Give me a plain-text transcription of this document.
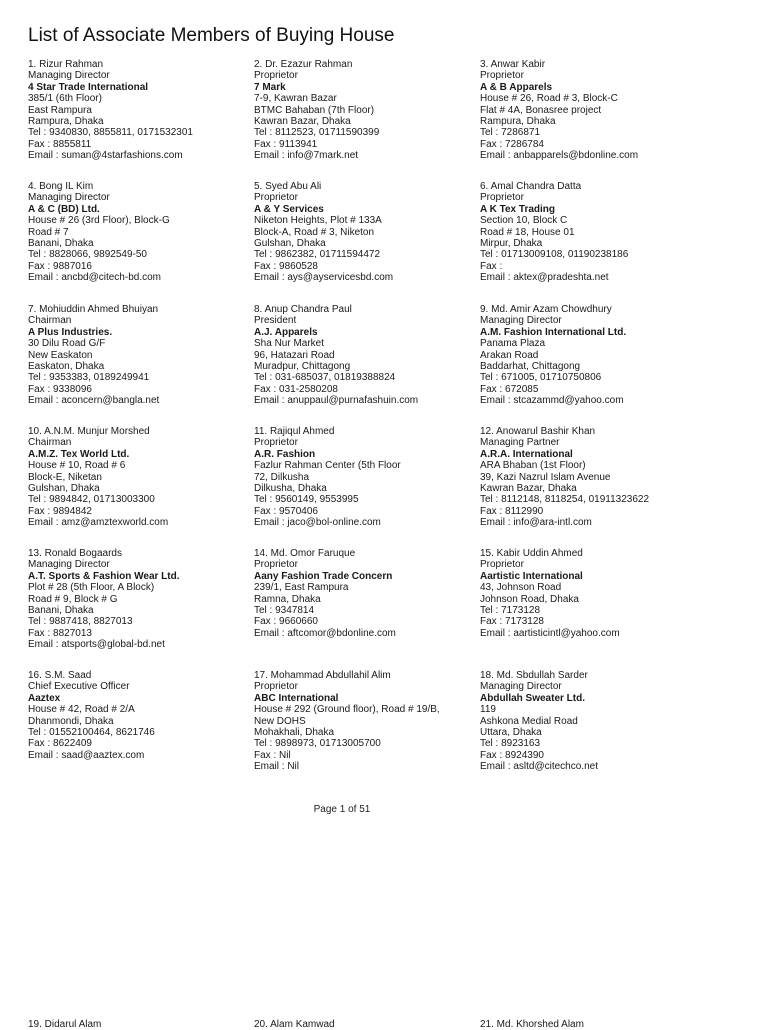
List of Associate Members of Buying House
1. Rizur Rahman
Managing Director
4 Star Trade International
385/1 (6th Floor)
East Rampura
Rampura, Dhaka
Tel : 9340830, 8855811, 0171532301
Fax : 8855811
Email : suman@4starfashions.com
2. Dr. Ezazur Rahman
Proprietor
7 Mark
7-9, Kawran Bazar
BTMC Bahaban (7th Floor)
Kawran Bazar, Dhaka
Tel : 8112523, 01711590399
Fax : 9113941
Email : info@7mark.net
3. Anwar Kabir
Proprietor
A & B Apparels
House # 26, Road # 3, Block-C
Flat # 4A, Bonasree project
Rampura, Dhaka
Tel : 7286871
Fax : 7286784
Email : anbapparels@bdonline.com
4. Bong IL Kim
Managing Director
A & C (BD) Ltd.
House # 26 (3rd Floor), Block-G
Road # 7
Banani, Dhaka
Tel : 8828066, 9892549-50
Fax : 9887016
Email : ancbd@citech-bd.com
5. Syed Abu Ali
Proprietor
A & Y Services
Niketon Heights, Plot # 133A
Block-A, Road # 3, Niketon
Gulshan, Dhaka
Tel : 9862382, 01711594472
Fax : 9860528
Email : ays@ayservicesbd.com
6. Amal Chandra Datta
Proprietor
A K Tex Trading
Section 10, Block C
Road # 18, House 01
Mirpur, Dhaka
Tel : 01713009108, 01190238186
Fax :
Email : aktex@pradeshta.net
7. Mohiuddin Ahmed Bhuiyan
Chairman
A Plus Industries.
30 Dilu Road G/F
New Easkaton
Easkaton, Dhaka
Tel : 9353383, 0189249941
Fax : 9338096
Email : aconcern@bangla.net
8. Anup Chandra Paul
President
A.J. Apparels
Sha Nur Market
96, Hatazari Road
Muradpur, Chittagong
Tel : 031-685037, 01819388824
Fax : 031-2580208
Email : anuppaul@purnafashuin.com
9. Md. Amir Azam Chowdhury
Managing Director
A.M. Fashion International Ltd.
Panama Plaza
Arakan Road
Baddarhat, Chittagong
Tel : 671005, 01710750806
Fax : 672085
Email : stcazammd@yahoo.com
10. A.N.M. Munjur Morshed
Chairman
A.M.Z. Tex World Ltd.
House # 10, Road # 6
Block-E, Niketan
Gulshan, Dhaka
Tel : 9894842, 01713003300
Fax : 9894842
Email : amz@amztexworld.com
11. Rajiqul Ahmed
Proprietor
A.R. Fashion
Fazlur Rahman Center (5th Floor
72, Dilkusha
Dilkusha, Dhaka
Tel : 9560149, 9553995
Fax : 9570406
Email : jaco@bol-online.com
12. Anowarul Bashir Khan
Managing Partner
A.R.A. International
ARA Bhaban (1st Floor)
39, Kazi Nazrul Islam Avenue
Kawran Bazar, Dhaka
Tel : 8112148, 8118254, 01911323622
Fax : 8112990
Email : info@ara-intl.com
13. Ronald Bogaards
Managing Director
A.T. Sports & Fashion Wear Ltd.
Plot # 28 (5th Floor, A Block)
Road # 9, Block # G
Banani, Dhaka
Tel : 9887418, 8827013
Fax : 8827013
Email : atsports@global-bd.net
14. Md. Omor Faruque
Proprietor
Aany Fashion Trade Concern
239/1, East Rampura
Ramna, Dhaka
Tel : 9347814
Fax : 9660660
Email : aftcomor@bdonline.com
15. Kabir Uddin Ahmed
Proprietor
Aartistic International
43, Johnson Road
Johnson Road, Dhaka
Tel : 7173128
Fax : 7173128
Email : aartisticintl@yahoo.com
16. S.M. Saad
Chief Executive Officer
Aaztex
House # 42, Road # 2/A
Dhanmondi, Dhaka
Tel : 01552100464, 8621746
Fax : 8622409
Email : saad@aaztex.com
17. Mohammad Abdullahil Alim
Proprietor
ABC International
House # 292 (Ground floor), Road # 19/B,
New DOHS
Mohakhali, Dhaka
Tel : 9898973, 01713005700
Fax : Nil
Email : Nil
18. Md. Sbdullah Sarder
Managing Director
Abdullah Sweater Ltd.
119
Ashkona Medial Road
Uttara, Dhaka
Tel : 8923163
Fax : 8924390
Email : asltd@citechco.net
Page 1 of 51
19. Didarul Alam	20. Alam Kamwad	21. Md. Khorshed Alam
